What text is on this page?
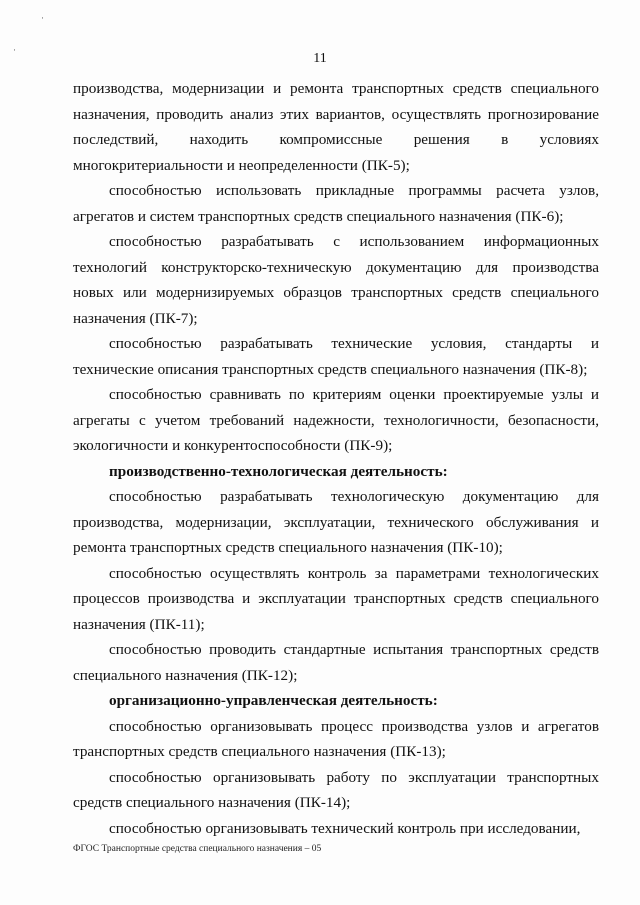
·
·
11

производства, модернизации и ремонта транспортных средств специального назначения, проводить анализ этих вариантов, осуществлять прогнозирование последствий, находить компромиссные решения в условиях многокритериальности и неопределенности (ПК-5);

способностью использовать прикладные программы расчета узлов, агрегатов и систем транспортных средств специального назначения (ПК-6);

способностью разрабатывать с использованием информационных технологий конструкторско-техническую документацию для производства новых или модернизируемых образцов транспортных средств специального назначения (ПК-7);

способностью разрабатывать технические условия, стандарты и технические описания транспортных средств специального назначения (ПК-8);

способностью сравнивать по критериям оценки проектируемые узлы и агрегаты с учетом требований надежности, технологичности, безопасности, экологичности и конкурентоспособности (ПК-9);

производственно-технологическая деятельность:

способностью разрабатывать технологическую документацию для производства, модернизации, эксплуатации, технического обслуживания и ремонта транспортных средств специального назначения (ПК-10);

способностью осуществлять контроль за параметрами технологических процессов производства и эксплуатации транспортных средств специального назначения (ПК-11);

способностью проводить стандартные испытания транспортных средств специального назначения (ПК-12);

организационно-управленческая деятельность:

способностью организовывать процесс производства узлов и агрегатов транспортных средств специального назначения (ПК-13);

способностью организовывать работу по эксплуатации транспортных средств специального назначения (ПК-14);

способностью организовывать технический контроль при исследовании,

ФГОС Транспортные средства специального назначения – 05
